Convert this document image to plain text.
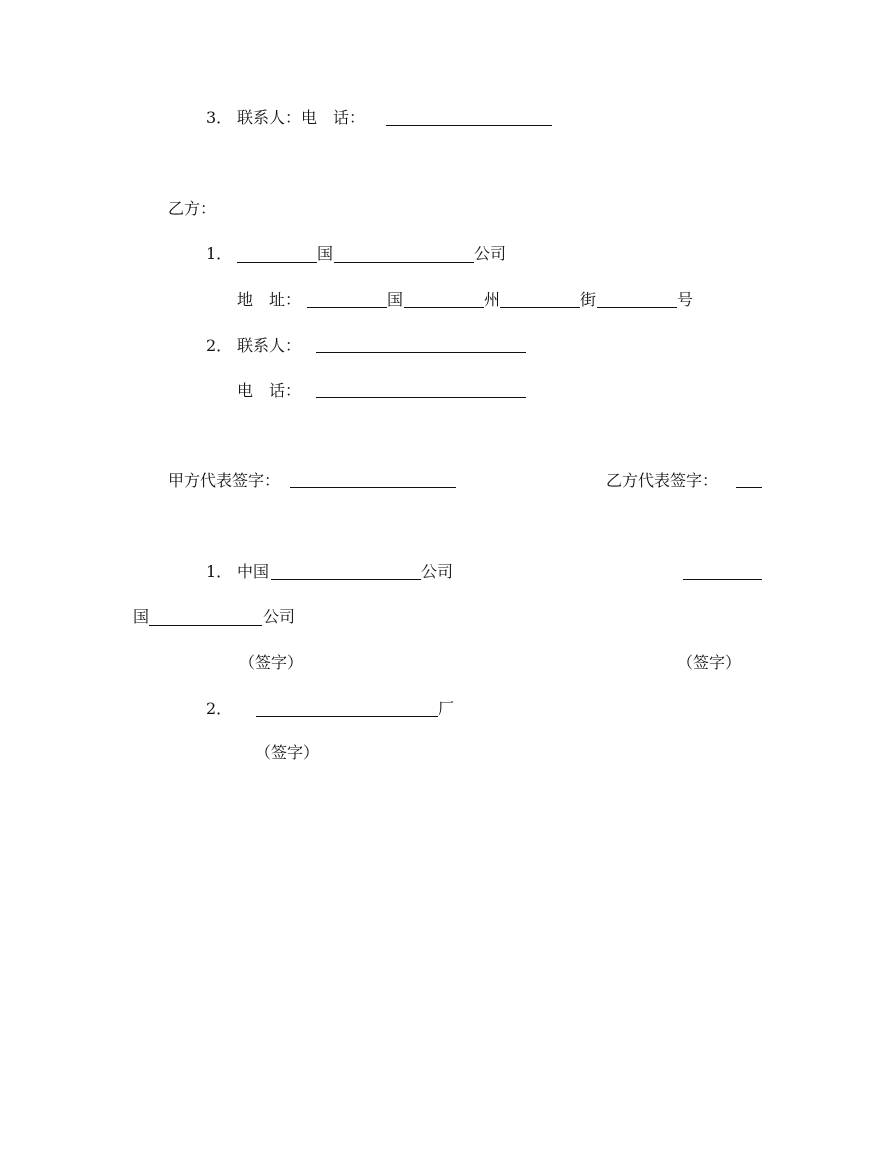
3． 联系人：电　话：
乙方：
1．	国	公司
地　址：	国	州	街	号
2． 联系人：
电　话：
甲方代表签字：	乙方代表签字：
1． 中国	公司
国	公司
（签字）	（签字）
2．	厂
（签字）
